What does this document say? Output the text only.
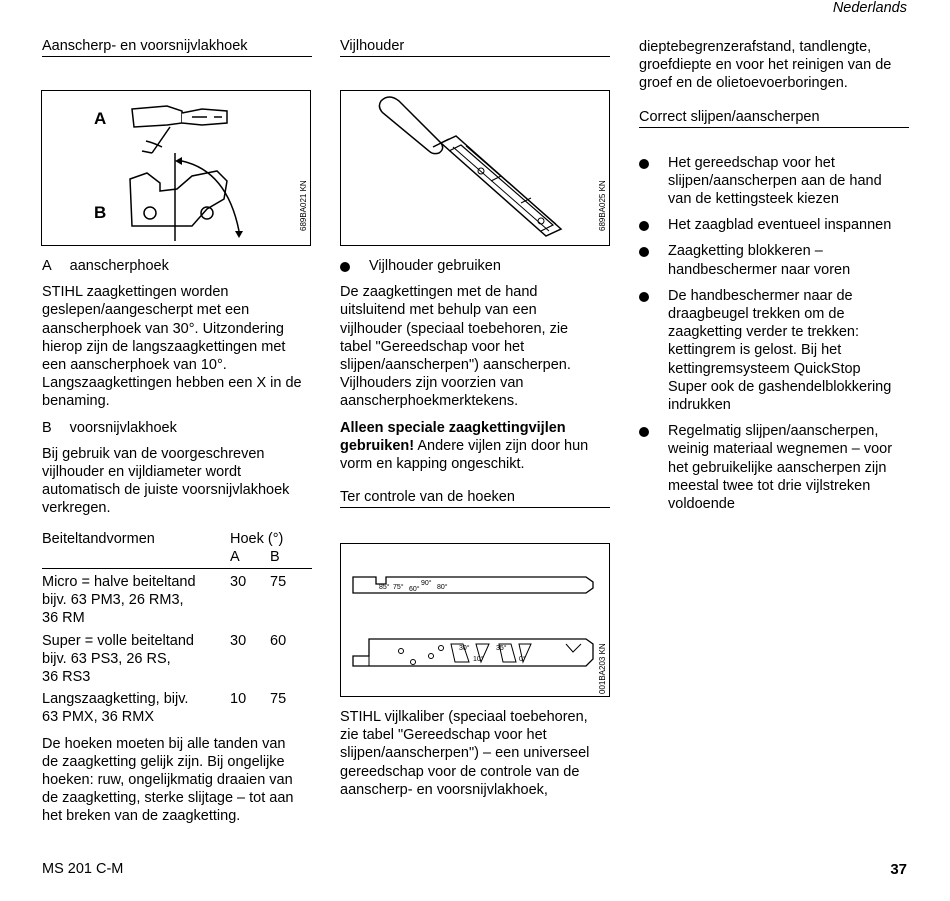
Nederlands
Aanscherp- en voorsnijvlakhoek
A
B	689BA021 KN

A aanscherphoek

STIHL zaagkettingen worden
geslepen/aangescherpt met een
aanscherphoek van 30°. Uitzondering
hierop zijn de langszaagkettingen met
een aanscherphoek van 10°.
Langszaagkettingen hebben een X in de
benaming.

B voorsnijvlakhoek

Bij gebruik van de voorgeschreven
vijlhouder en vijldiameter wordt
automatisch de juiste voorsnijvlakhoek
verkregen.
Beiteltandvormen	Hoek (°)	
	A	B

Micro = halve beiteltand
bijv. 63 PM3, 26 RM3,
36 RM	30	75

Super = volle beiteltand
bijv. 63 PS3, 26 RS,
36 RS3	30	60

Langszaagketting, bijv.
63 PMX, 36 RMX	10	75
De hoeken moeten bij alle tanden van
de zaagketting gelijk zijn. Bij ongelijke
hoeken: ruw, ongelijkmatig draaien van
de zaagketting, sterke slijtage – tot aan
het breken van de zaagketting.
Vijlhouder
689BA025 KN

Vijlhouder gebruiken

De zaagkettingen met de hand
uitsluitend met behulp van een
vijlhouder (speciaal toebehoren, zie
tabel "Gereedschap voor het
slijpen/aanscherpen") aanscherpen.
Vijlhouders zijn voorzien van
aanscherphoekmerktekens.
Alleen speciale zaagkettingvijlen
gebruiken! Andere vijlen zijn door hun
vorm en kapping ongeschikt.
Ter controle van de hoeken
85° 75° 60°
90°
80°
30°
10°
35°
0°	001BA203 KN
STIHL vijlkaliber (speciaal toebehoren,
zie tabel "Gereedschap voor het
slijpen/aanscherpen") – een universeel
gereedschap voor de controle van de
aanscherp- en voorsnijvlakhoek,
dieptebegrenzerafstand, tandlengte,
groefdiepte en voor het reinigen van de
groef en de olietoevoerboringen.
Correct slijpen/aanscherpen
Het gereedschap voor het
slijpen/aanscherpen aan de hand
van de kettingsteek kiezen
Het zaagblad eventueel inspannen
Zaagketting blokkeren –
handbeschermer naar voren
De handbeschermer naar de
draagbeugel trekken om de
zaagketting verder te trekken:
kettingrem is gelost. Bij het
kettingremsysteem QuickStop
Super ook de gashendelblokkering
indrukken
Regelmatig slijpen/aanscherpen,
weinig materiaal wegnemen – voor
het gebruikelijke aanscherpen zijn
meestal twee tot drie vijlstreken
voldoende
MS 201 C-M	37
